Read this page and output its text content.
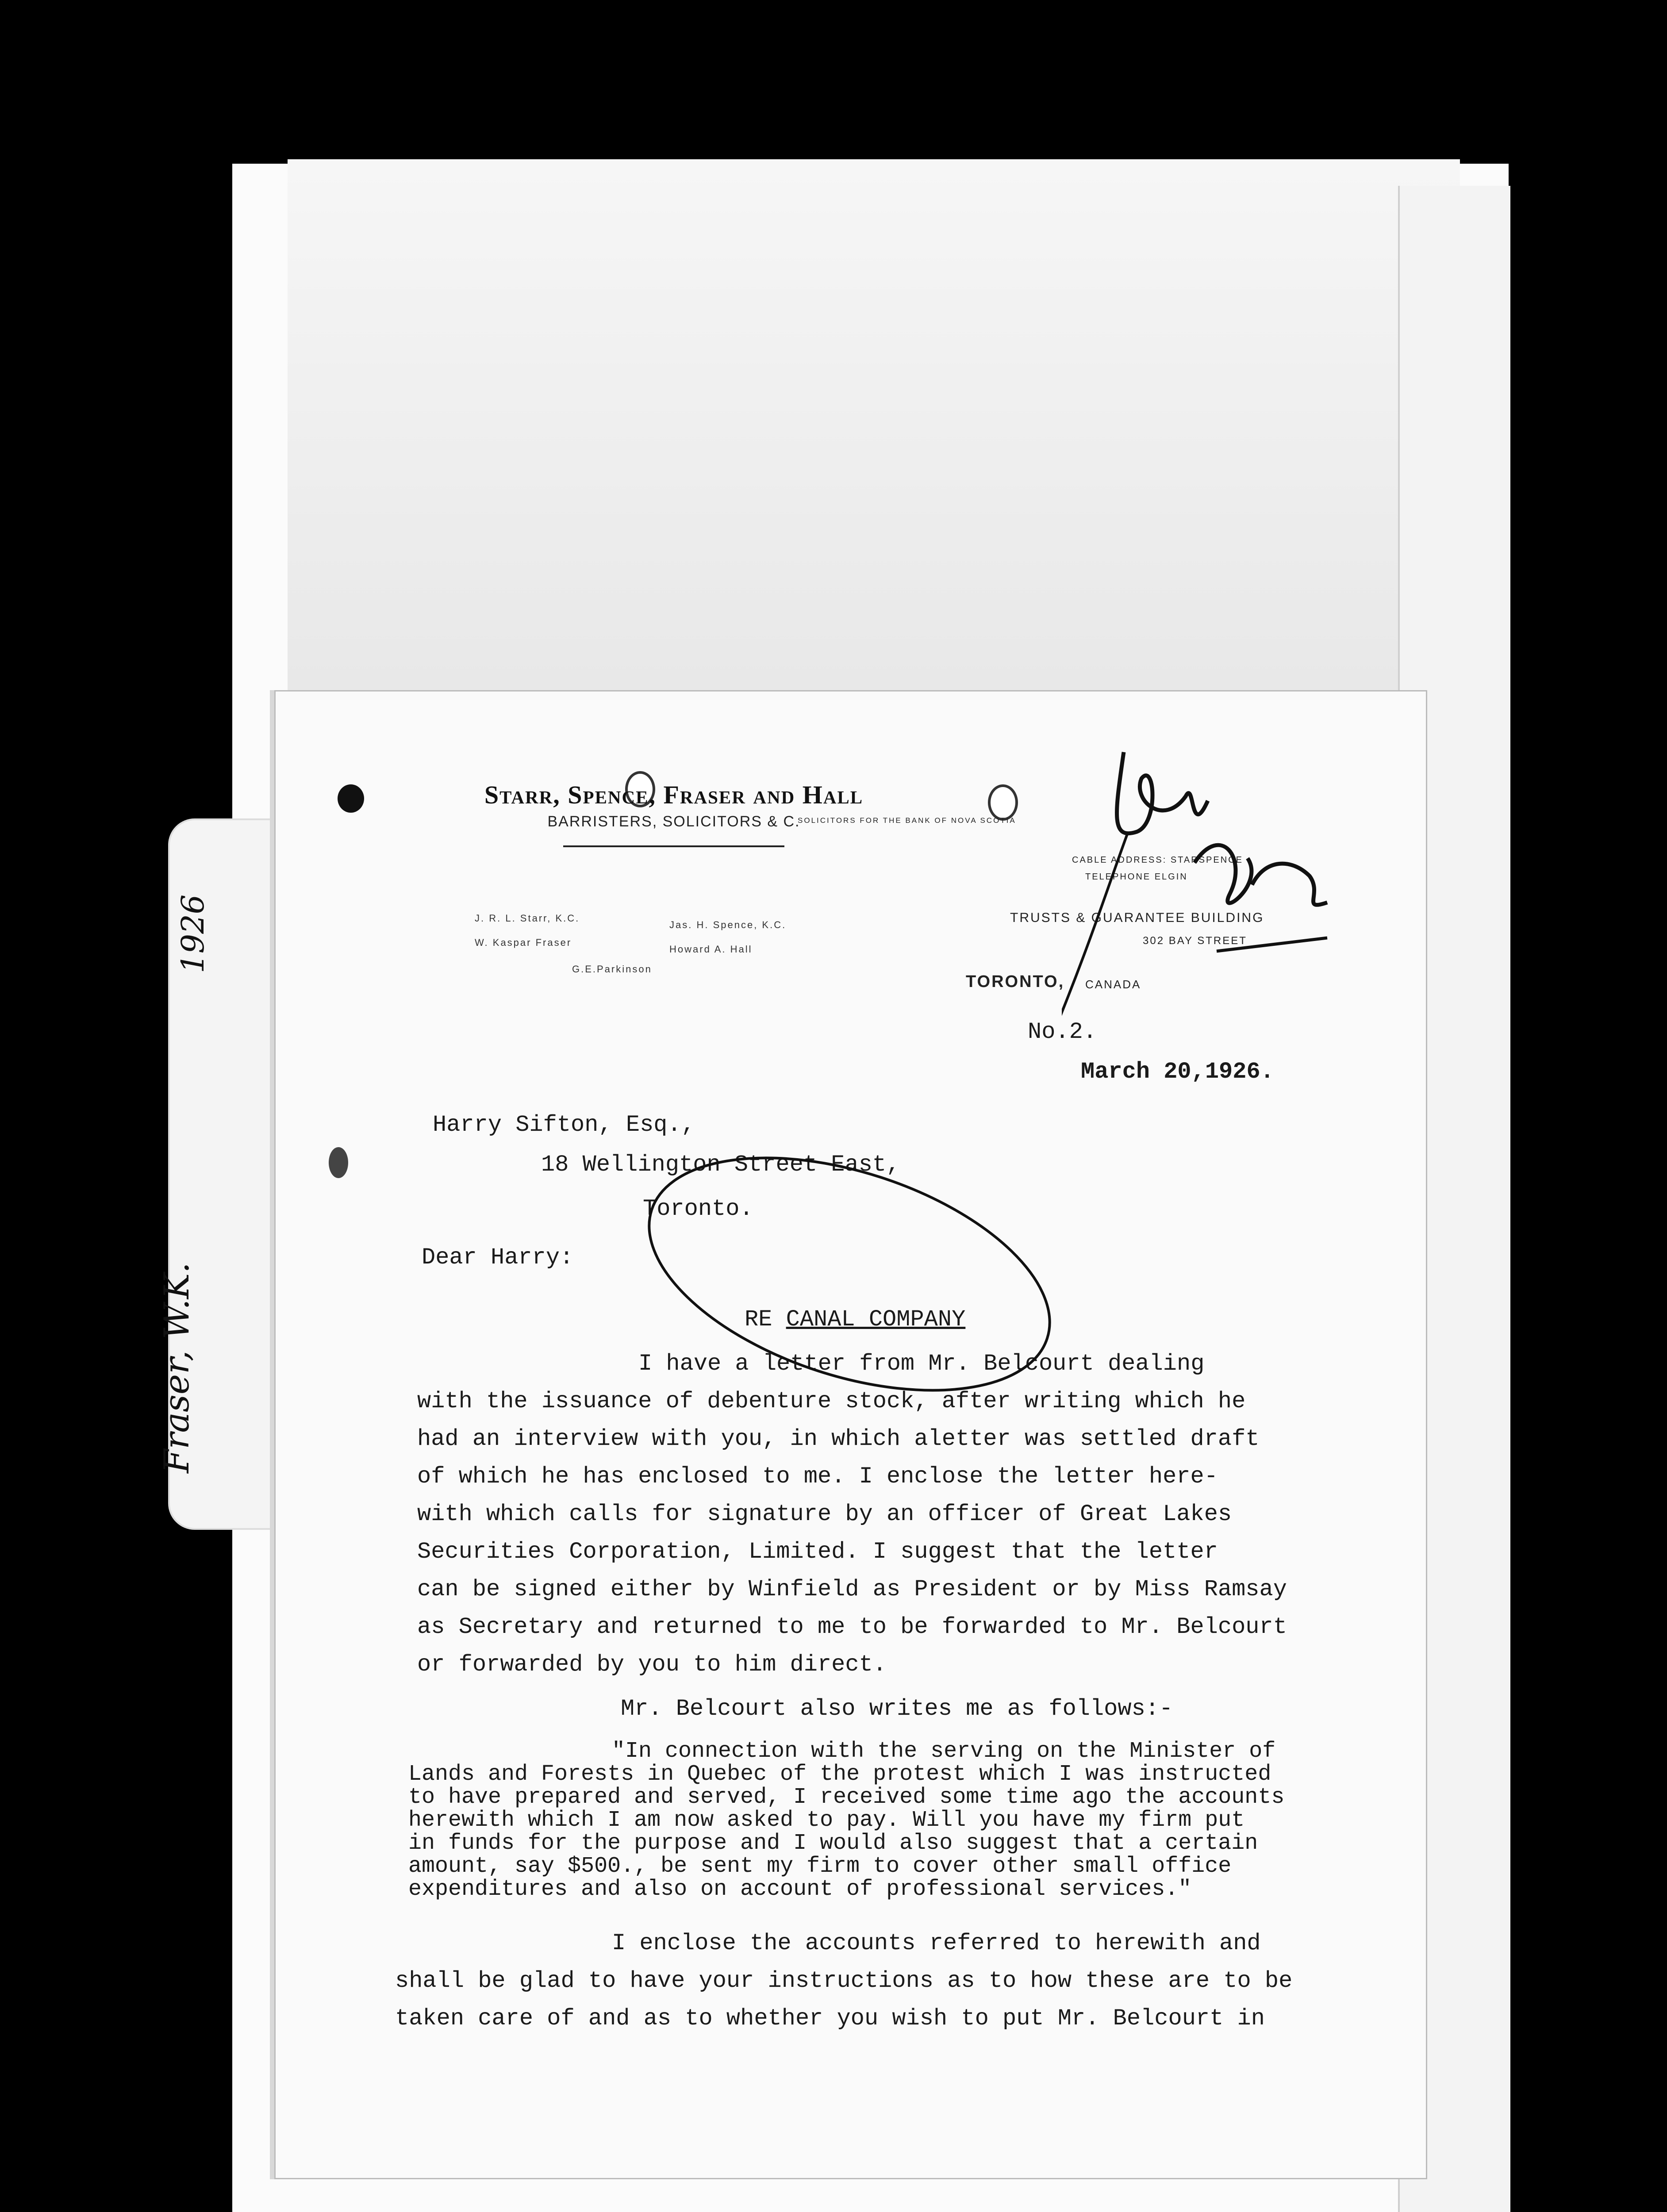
1926
Fraser, W.K.
SOLICITORS FOR THE BANK OF NOVA SCOTIA
Starr, Spence, Fraser and Hall
BARRISTERS, SOLICITORS & C.
J. R. L. Starr, K.C.
Jas. H. Spence, K.C.
W. Kaspar Fraser
Howard A. Hall
G.E.Parkinson
CABLE ADDRESS: STARSPENCE
TELEPHONE ELGIN
TRUSTS & GUARANTEE BUILDING
302 BAY STREET
TORONTO, CANADA
No.2.
March 20,1926.
Harry Sifton, Esq.,
18 Wellington Street East,
Toronto.
Dear Harry:
RE CANAL COMPANY
I have a letter from Mr. Belcourt dealing
with the issuance of debenture stock, after writing which he
had an interview with you, in which aletter was settled draft
of which he has enclosed to me. I enclose the letter here-
with which calls for signature by an officer of Great Lakes
Securities Corporation, Limited. I suggest that the letter
can be signed either by Winfield as President or by Miss Ramsay
as Secretary and returned to me to be forwarded to Mr. Belcourt
or forwarded by you to him direct.
Mr. Belcourt also writes me as follows:-
"In connection with the serving on the Minister of
Lands and Forests in Quebec of the protest which I was instructed
to have prepared and served, I received some time ago the accounts
herewith which I am now asked to pay. Will you have my firm put
in funds for the purpose and I would also suggest that a certain
amount, say $500., be sent my firm to cover other small office
expenditures and also on account of professional services."
I enclose the accounts referred to herewith and
shall be glad to have your instructions as to how these are to be
taken care of and as to whether you wish to put Mr. Belcourt in
